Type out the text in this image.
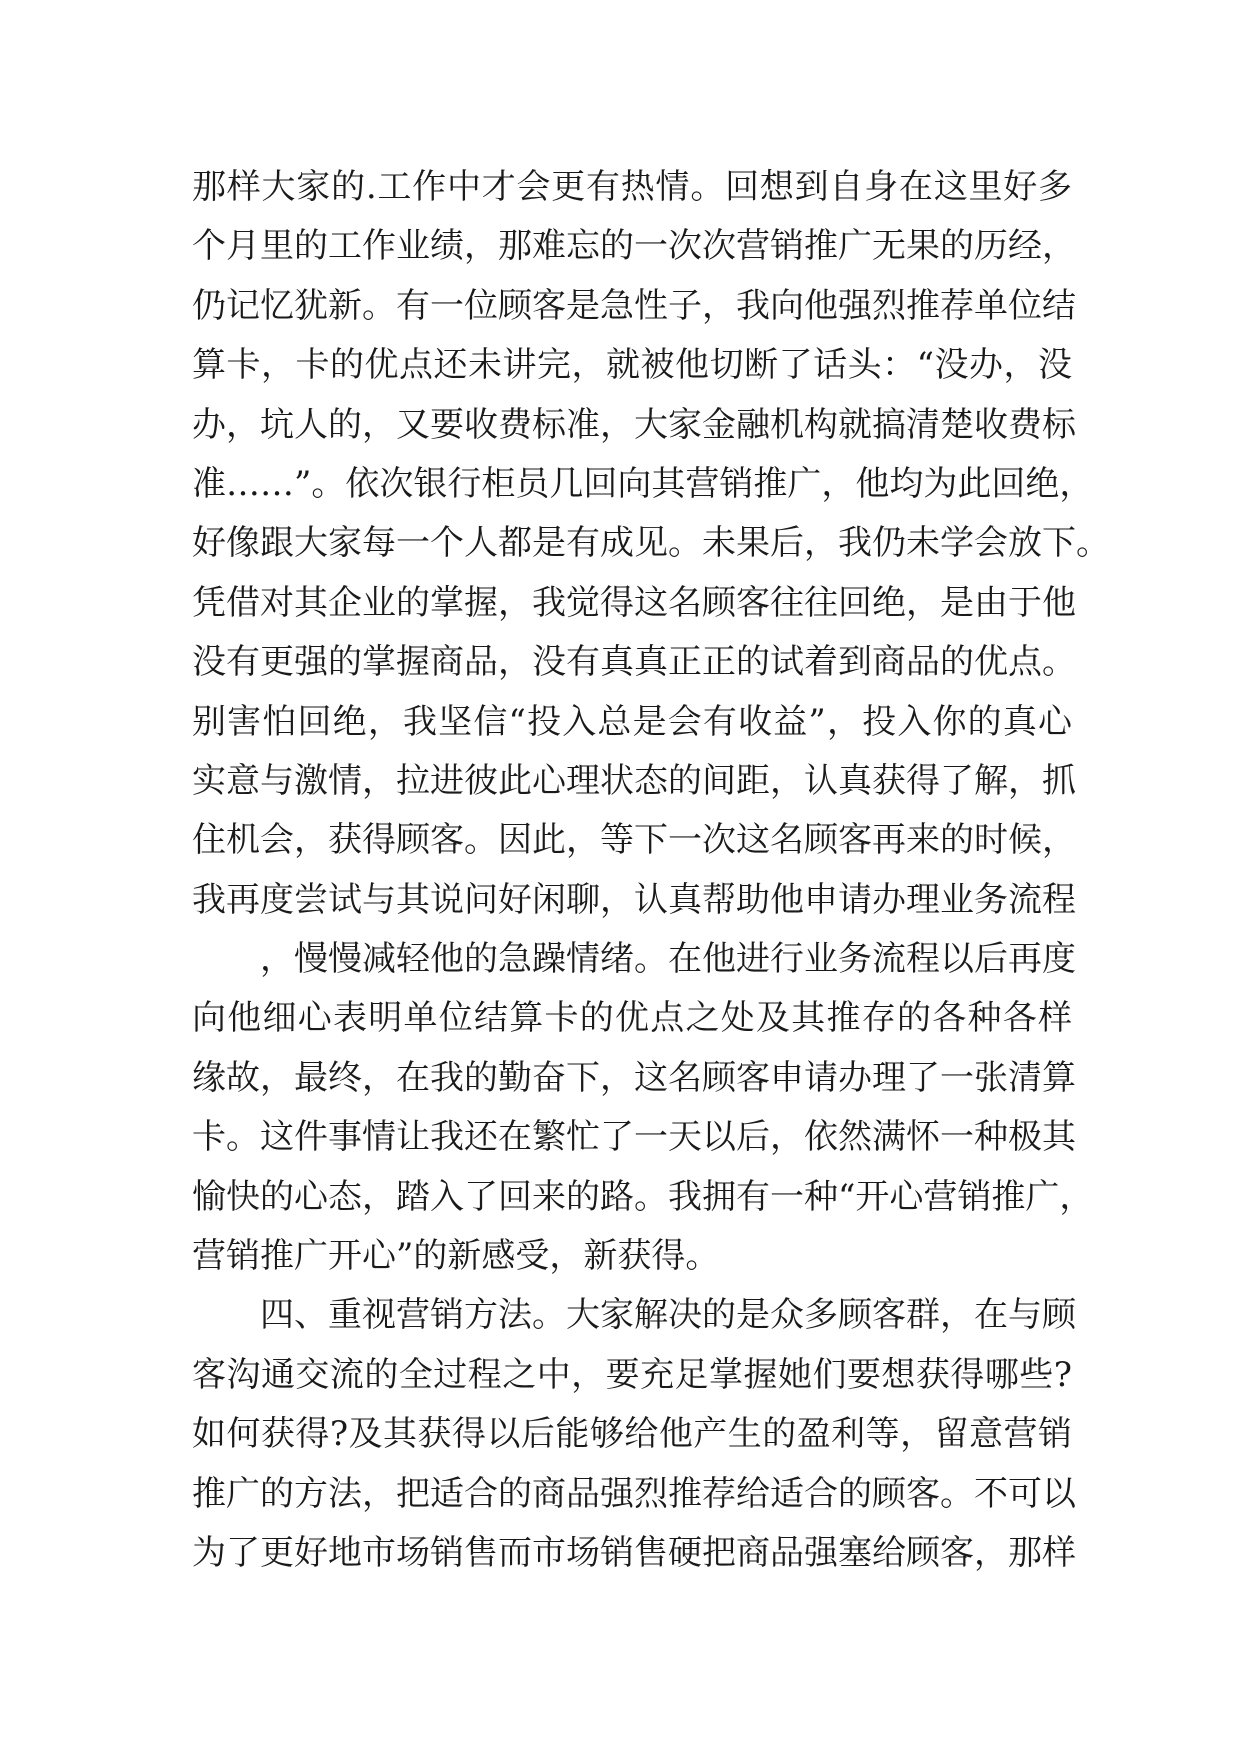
那样大家的.工作中才会更有热情。回想到自身在这里好多
个月里的工作业绩，那难忘的一次次营销推广无果的历经，
仍记忆犹新。有一位顾客是急性子，我向他强烈推荐单位结
算卡，卡的优点还未讲完，就被他切断了话头：“没办，没
办，坑人的，又要收费标准，大家金融机构就搞清楚收费标
准……”。依次银行柜员几回向其营销推广，他均为此回绝，
好像跟大家每一个人都是有成见。未果后，我仍未学会放下。
凭借对其企业的掌握，我觉得这名顾客往往回绝，是由于他
没有更强的掌握商品，没有真真正正的试着到商品的优点。
别害怕回绝，我坚信“投入总是会有收益”，投入你的真心
实意与激情，拉进彼此心理状态的间距，认真获得了解，抓
住机会，获得顾客。因此，等下一次这名顾客再来的时候，
我再度尝试与其说问好闲聊，认真帮助他申请办理业务流程
，慢慢减轻他的急躁情绪。在他进行业务流程以后再度
向他细心表明单位结算卡的优点之处及其推存的各种各样
缘故，最终，在我的勤奋下，这名顾客申请办理了一张清算
卡。这件事情让我还在繁忙了一天以后，依然满怀一种极其
愉快的心态，踏入了回来的路。我拥有一种“开心营销推广，
营销推广开心”的新感受，新获得。
四、重视营销方法。大家解决的是众多顾客群，在与顾
客沟通交流的全过程之中，要充足掌握她们要想获得哪些?
如何获得?及其获得以后能够给他产生的盈利等，留意营销
推广的方法，把适合的商品强烈推荐给适合的顾客。不可以
为了更好地市场销售而市场销售硬把商品强塞给顾客，那样
